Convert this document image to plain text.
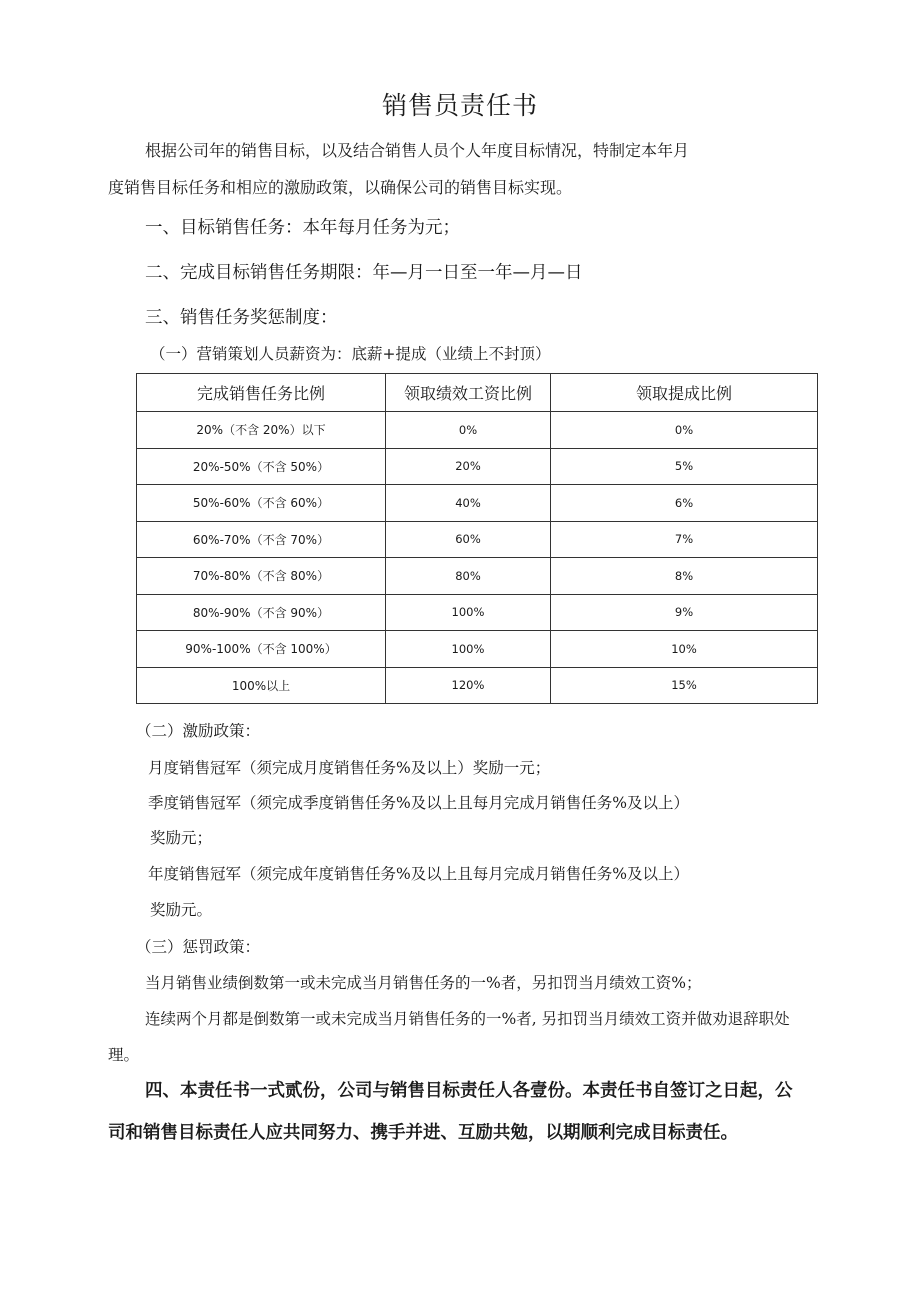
销售员责任书
根据公司年的销售目标，以及结合销售人员个人年度目标情况，特制定本年月
度销售目标任务和相应的激励政策，以确保公司的销售目标实现。
一、目标销售任务：本年每月任务为元；
二、完成目标销售任务期限：年—月一日至一年—月—日
三、销售任务奖惩制度：
（一）营销策划人员薪资为：底薪+提成（业绩上不封顶）
完成销售任务比例	领取绩效工资比例	领取提成比例
20%（不含 20%）以下	0%	0%
20%-50%（不含 50%）	20%	5%
50%-60%（不含 60%）	40%	6%
60%-70%（不含 70%）	60%	7%
70%-80%（不含 80%）	80%	8%
80%-90%（不含 90%）	100%	9%
90%-100%（不含 100%）	100%	10%
100%以上	120%	15%
（二）激励政策：
月度销售冠军（须完成月度销售任务%及以上）奖励一元；
季度销售冠军（须完成季度销售任务%及以上且每月完成月销售任务%及以上）
奖励元；
年度销售冠军（须完成年度销售任务%及以上且每月完成月销售任务%及以上）
奖励元。
（三）惩罚政策：
当月销售业绩倒数第一或未完成当月销售任务的一%者，另扣罚当月绩效工资%；
连续两个月都是倒数第一或未完成当月销售任务的一%者, 另扣罚当月绩效工资并做劝退辞职处
理。
四、本责任书一式贰份，公司与销售目标责任人各壹份。本责任书自签订之日起，公
司和销售目标责任人应共同努力、携手并进、互励共勉，以期顺利完成目标责任。
